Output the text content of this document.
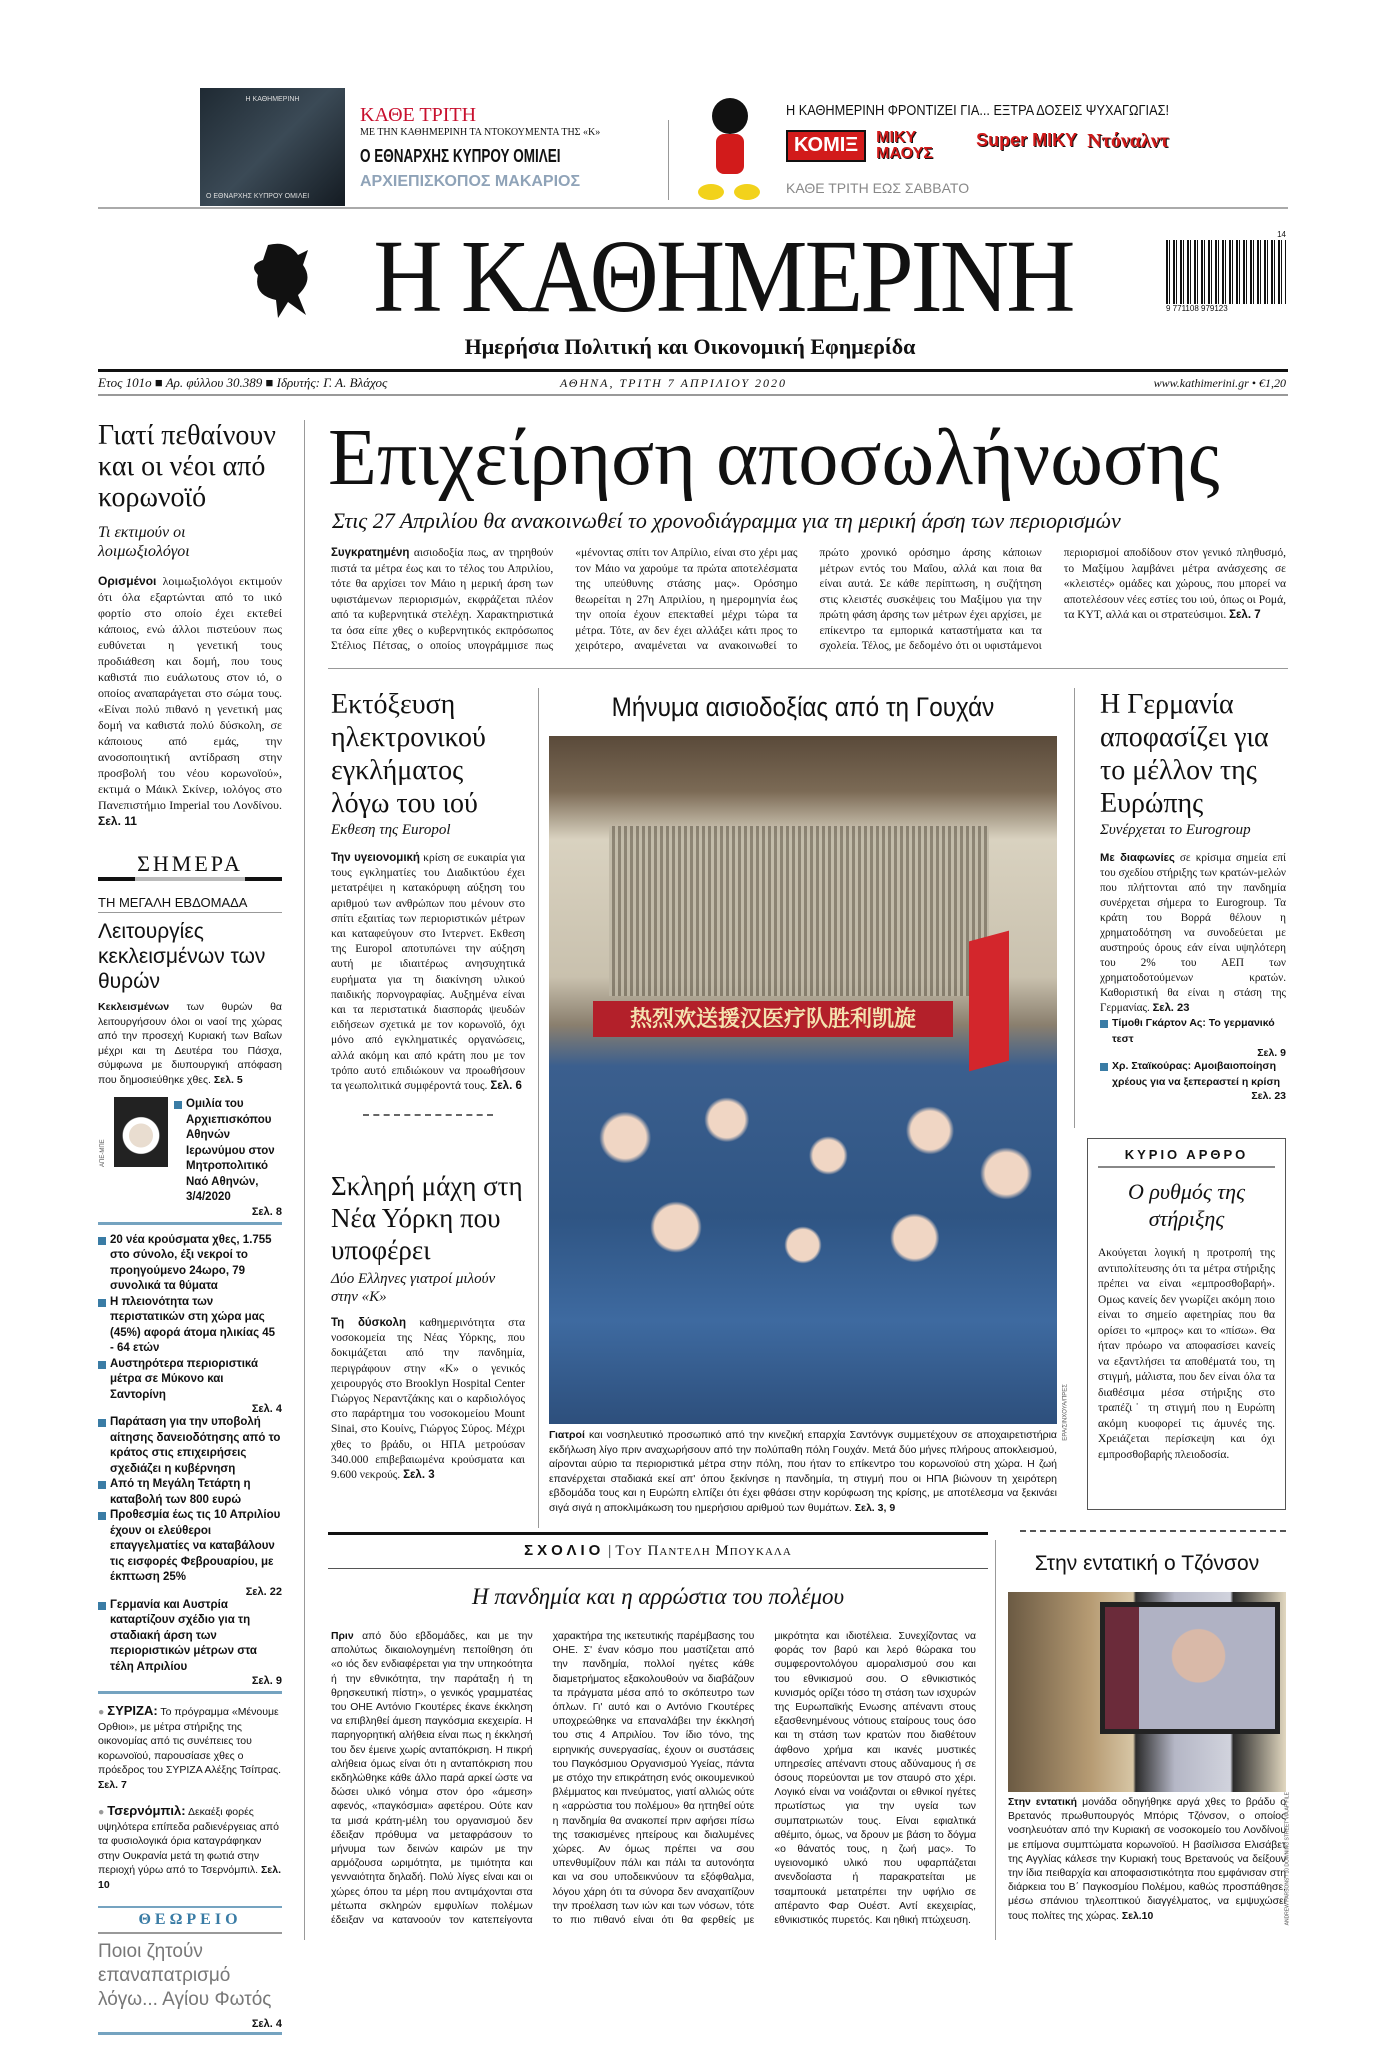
Η ΚΑΘΗΜΕΡΙΝΗ
Ο ΕΘΝΑΡΧΗΣ ΚΥΠΡΟΥ ΟΜΙΛΕΙ
ΚΑΘΕ ΤΡΙΤΗ
ΜΕ ΤΗΝ ΚΑΘΗΜΕΡΙΝΗ ΤΑ ΝΤΟΚΟΥΜΕΝΤΑ ΤΗΣ «Κ»
Ο ΕΘΝΑΡΧΗΣ ΚΥΠΡΟΥ ΟΜΙΛΕΙ
ΑΡΧΙΕΠΙΣΚΟΠΟΣ ΜΑΚΑΡΙΟΣ
Η ΚΑΘΗΜΕΡΙΝΗ ΦΡΟΝΤΙΖΕΙ ΓΙΑ... ΕΞΤΡΑ ΔΟΣΕΙΣ ΨΥΧΑΓΩΓΙΑΣ!
ΚΟΜΙΞ	ΜΙΚΥ ΜΑΟΥΣ
Super ΜΙΚΥ Ντόναλντ
ΚΑΘΕ ΤΡΙΤΗ ΕΩΣ ΣΑΒΒΑΤΟ
Η ΚΑΘΗΜΕΡΙΝΗ	9 771108 979123
14
Ημερήσια Πολιτική και Οικονομική Εφημερίδα
Ετος 101ο ■ Αρ. φύλλου 30.389 ■ Ιδρυτής: Γ. Α. Βλάχος	ΑΘΗΝΑ, ΤΡΙΤΗ 7 ΑΠΡΙΛΙΟΥ 2020	www.kathimerini.gr • €1,20
Γιατί πεθαίνουν και οι νέοι από κορωνοϊό
Τι εκτιμούν οι λοιμωξιολόγοι

Ορισμένοι λοιμωξιολόγοι εκτιμούν ότι όλα εξαρτώνται από το ιικό φορτίο στο οποίο έχει εκτεθεί κάποιος, ενώ άλλοι πιστεύουν πως ευθύνεται η γενετική τους προδιάθεση και δομή, που τους καθιστά πιο ευάλωτους στον ιό, ο οποίος αναπαράγεται στο σώμα τους. «Είναι πολύ πιθανό η γενετική μας δομή να καθιστά πολύ δύσκολη, σε κάποιους από εμάς, την ανοσοποιητική αντίδραση στην προσβολή του νέου κορωνοϊού», εκτιμά ο Μάικλ Σκίνερ, ιολόγος στο Πανεπιστήμιο Imperial του Λονδίνου. Σελ. 11

ΣΗΜΕΡΑ
ΤΗ ΜΕΓΑΛΗ ΕΒΔΟΜΑΔΑ
Λειτουργίες κεκλεισμένων των θυρών

Κεκλεισμένων των θυρών θα λειτουργήσουν όλοι οι ναοί της χώρας από την προσεχή Κυριακή των Βαΐων μέχρι και τη Δευτέρα του Πάσχα, σύμφωνα με διυπουργική απόφαση που δημοσιεύθηκε χθες. Σελ. 5

ΑΠΕ-ΜΠΕ
Ομιλία του Αρχιεπισκόπου Αθηνών Ιερωνύμου στον Μητροπολιτικό Ναό Αθηνών, 3/4/2020
Σελ. 8
20 νέα κρούσματα χθες, 1.755 στο σύνολο, έξι νεκροί το προηγούμενο 24ωρο, 79 συνολικά τα θύματα
Η πλειονότητα των περιστατικών στη χώρα μας (45%) αφορά άτομα ηλικίας 45 - 64 ετών
Αυστηρότερα περιοριστικά μέτρα σε Μύκονο και Σαντορίνη
Σελ. 4
Παράταση για την υποβολή αίτησης δανειοδότησης από το κράτος στις επιχειρήσεις σχεδιάζει η κυβέρνηση
Από τη Μεγάλη Τετάρτη η καταβολή των 800 ευρώ
Προθεσμία έως τις 10 Απριλίου έχουν οι ελεύθεροι επαγγελματίες να καταβάλουν τις εισφορές Φεβρουαρίου, με έκπτωση 25%
Σελ. 22
Γερμανία και Αυστρία καταρτίζουν σχέδιο για τη σταδιακή άρση των περιοριστικών μέτρων στα τέλη Απριλίου
Σελ. 9

● ΣΥΡΙΖΑ: Το πρόγραμμα «Μένουμε Ορθιοι», με μέτρα στήριξης της οικονομίας από τις συνέπειες του κορωνοϊού, παρουσίασε χθες ο πρόεδρος του ΣΥΡΙΖΑ Αλέξης Τσίπρας. Σελ. 7

● Τσερνόμπιλ: Δεκαέξι φορές υψηλότερα επίπεδα ραδιενέργειας από τα φυσιολογικά όρια καταγράφηκαν στην Ουκρανία μετά τη φωτιά στην περιοχή γύρω από το Τσερνόμπιλ. Σελ. 10

ΘΕΩΡΕΙΟ
Ποιοι ζητούν επαναπατρισμό λόγω... Αγίου Φωτός
Σελ. 4
Επιχείρηση αποσωλήνωσης
Στις 27 Απριλίου θα ανακοινωθεί το χρονοδιάγραμμα για τη μερική άρση των περιορισμών

Συγκρατημένη αισιοδοξία πως, αν τηρηθούν πιστά τα μέτρα έως και το τέλος του Απριλίου, τότε θα αρχίσει τον Μάιο η μερική άρση των υφιστάμενων περιορισμών, εκφράζεται πλέον από τα κυβερνητικά στελέχη. Χαρακτηριστικά τα όσα είπε χθες ο κυβερνητικός εκπρόσωπος Στέλιος Πέτσας, ο οποίος υπογράμμισε πως «μένοντας σπίτι τον Απρίλιο, είναι στο χέρι μας τον Μάιο να χαρούμε τα πρώτα αποτελέσματα της υπεύθυνης στάσης μας». Ορόσημο θεωρείται η 27η Απριλίου, η ημερομηνία έως την οποία έχουν επεκταθεί μέχρι τώρα τα μέτρα. Τότε, αν δεν έχει αλλάξει κάτι προς το χειρότερο, αναμένεται να ανακοινωθεί το πρώτο χρονικό ορόσημο άρσης κάποιων μέτρων εντός του Μαΐου, αλλά και ποια θα είναι αυτά. Σε κάθε περίπτωση, η συζήτηση στις κλειστές συσκέψεις του Μαξίμου για την πρώτη φάση άρσης των μέτρων έχει αρχίσει, με επίκεντρο τα εμπορικά καταστήματα και τα σχολεία. Τέλος, με δεδομένο ότι οι υφιστάμενοι περιορισμοί αποδίδουν στον γενικό πληθυσμό, το Μαξίμου λαμβάνει μέτρα ανάσχεσης σε «κλειστές» ομάδες και χώρους, που μπορεί να αποτελέσουν νέες εστίες του ιού, όπως οι Ρομά, τα ΚΥΤ, αλλά και οι στρατεύσιμοι. Σελ. 7

Εκτόξευση ηλεκτρονικού εγκλήματος λόγω του ιού
Εκθεση της Europol

Την υγειονομική κρίση σε ευκαιρία για τους εγκληματίες του Διαδικτύου έχει μετατρέψει η κατακόρυφη αύξηση του αριθμού των ανθρώπων που μένουν στο σπίτι εξαιτίας των περιοριστικών μέτρων και καταφεύγουν στο Ιντερνετ. Εκθεση της Europol αποτυπώνει την αύξηση αυτή με ιδιαιτέρως ανησυχητικά ευρήματα για τη διακίνηση υλικού παιδικής πορνογραφίας. Αυξημένα είναι και τα περιστατικά διασποράς ψευδών ειδήσεων σχετικά με τον κορωνοϊό, όχι μόνο από εγκληματικές οργανώσεις, αλλά ακόμη και από κράτη που με τον τρόπο αυτό επιδιώκουν να προωθήσουν τα γεωπολιτικά συμφέροντά τους. Σελ. 6

Σκληρή μάχη στη Νέα Υόρκη που υποφέρει
Δύο Ελληνες γιατροί μιλούν στην «Κ»

Τη δύσκολη καθημερινότητα στα νοσοκομεία της Νέας Υόρκης, που δοκιμάζεται από την πανδημία, περιγράφουν στην «Κ» ο γενικός χειρουργός στο Brooklyn Hospital Center Γιώργος Νεραντζάκης και ο καρδιολόγος στο παράρτημα του νοσοκομείου Mount Sinai, στο Κουίνς, Γιώργος Σύρος. Μέχρι χθες το βράδυ, οι ΗΠΑ μετρούσαν 340.000 επιβεβαιωμένα κρούσματα και 9.600 νεκρούς. Σελ. 3

Μήνυμα αισιοδοξίας από τη Γουχάν
热烈欢送援汉医疗队胜利凯旋
EPA/ΣΙΝΧΟΥΑ/ΠΡΕΣ

Γιατροί και νοσηλευτικό προσωπικό από την κινεζική επαρχία Σαντόνγκ συμμετέχουν σε αποχαιρετιστήρια εκδήλωση λίγο πριν αναχωρήσουν από την πολύπαθη πόλη Γουχάν. Μετά δύο μήνες πλήρους αποκλεισμού, αίρονται αύριο τα περιοριστικά μέτρα στην πόλη, που ήταν το επίκεντρο του κορωνοϊού στη χώρα. Η ζωή επανέρχεται σταδιακά εκεί απ' όπου ξεκίνησε η πανδημία, τη στιγμή που οι ΗΠΑ βιώνουν τη χειρότερη εβδομάδα τους και η Ευρώπη ελπίζει ότι έχει φθάσει στην κορύφωση της κρίσης, με αποτέλεσμα να ξεκινάει σιγά σιγά η αποκλιμάκωση του ημερήσιου αριθμού των θυμάτων. Σελ. 3, 9

Η Γερμανία αποφασίζει για το μέλλον της Ευρώπης
Συνέρχεται το Eurogroup

Με διαφωνίες σε κρίσιμα σημεία επί του σχεδίου στήριξης των κρατών-μελών που πλήττονται από την πανδημία συνέρχεται σήμερα το Eurogroup. Τα κράτη του Βορρά θέλουν η χρηματοδότηση να συνοδεύεται με αυστηρούς όρους εάν είναι υψηλότερη του 2% του ΑΕΠ των χρηματοδοτούμενων κρατών. Καθοριστική θα είναι η στάση της Γερμανίας. Σελ. 23

Τίμοθι Γκάρτον Ας: Το γερμανικό τεστ
Σελ. 9
Χρ. Σταϊκούρας: Αμοιβαιοποίηση χρέους για να ξεπεραστεί η κρίση
Σελ. 23
ΚΥΡΙΟ ΑΡΘΡΟ
Ο ρυθμός της στήριξης

Ακούγεται λογική η προτροπή της αντιπολίτευσης ότι τα μέτρα στήριξης πρέπει να είναι «εμπροσθοβαρή». Ομως κανείς δεν γνωρίζει ακόμη ποιο είναι το σημείο αφετηρίας που θα ορίσει το «μπρος» και το «πίσω». Θα ήταν πρόωρο να αποφασίσει κανείς να εξαντλήσει τα αποθέματά του, τη στιγμή, μάλιστα, που δεν είναι όλα τα διαθέσιμα μέσα στήριξης στο τραπέζι˙ τη στιγμή που η Ευρώπη ακόμη κυοφορεί τις άμυνές της. Χρειάζεται περίσκεψη και όχι εμπροσθοβαρής πλειοδοσία.

ΣΧΟΛΙΟ | Του Παντελη Μπουκαλα
Η πανδημία και η αρρώστια του πολέμου

Πριν από δύο εβδομάδες, και με την απολύτως δικαιολογημένη πεποίθηση ότι «ο ιός δεν ενδιαφέρεται για την υπηκοότητα ή την εθνικότητα, την παράταξη ή τη θρησκευτική πίστη», ο γενικός γραμματέας του ΟΗΕ Αντόνιο Γκουτέρες έκανε έκκληση να επιβληθεί άμεση παγκόσμια εκεχειρία. Η παρηγορητική αλήθεια είναι πως η έκκλησή του δεν έμεινε χωρίς ανταπόκριση. Η πικρή αλήθεια όμως είναι ότι η ανταπόκριση που εκδηλώθηκε κάθε άλλο παρά αρκεί ώστε να δώσει υλικό νόημα στον όρο «άμεση» αφενός, «παγκόσμια» αφετέρου. Ούτε καν τα μισά κράτη-μέλη του οργανισμού δεν έδειξαν πρόθυμα να μεταφράσουν το μήνυμα των δεινών καιρών με την αρμόζουσα ωριμότητα, με τιμιότητα και γενναιότητα δηλαδή. Πολύ λίγες είναι και οι χώρες όπου τα μέρη που αντιμάχονται στα μέτωπα σκληρών εμφυλίων πολέμων έδειξαν να κατανοούν τον κατεπείγοντα χαρακτήρα της ικετευτικής παρέμβασης του ΟΗΕ. Σ' έναν κόσμο που μαστίζεται από την πανδημία, πολλοί ηγέτες κάθε διαμετρήματος εξακολουθούν να διαβάζουν τα πράγματα μέσα από το σκόπευτρο των όπλων. Γι' αυτό και ο Αντόνιο Γκουτέρες υποχρεώθηκε να επαναλάβει την έκκλησή του στις 4 Απριλίου. Τον ίδιο τόνο, της ειρηνικής συνεργασίας, έχουν οι συστάσεις του Παγκόσμιου Οργανισμού Υγείας, πάντα με στόχο την επικράτηση ενός οικουμενικού βλέμματος και πνεύματος, γιατί αλλιώς ούτε η «αρρώστια του πολέμου» θα ηττηθεί ούτε η πανδημία θα ανακοπεί πριν αφήσει πίσω της τσακισμένες ηπείρους και διαλυμένες χώρες. Αν όμως πρέπει να σου υπενθυμίζουν πάλι και πάλι τα αυτονόητα και να σου υποδεικνύουν τα εξόφθαλμα, λόγου χάρη ότι τα σύνορα δεν αναχαιτίζουν την προέλαση των ιών και των νόσων, τότε το πιο πιθανό είναι ότι θα φερθείς με μικρότητα και ιδιοτέλεια. Συνεχίζοντας να φοράς τον βαρύ και λερό θώρακα του συμφεροντολόγου αμοραλισμού σου και του εθνικισμού σου. Ο εθνικιστικός κυνισμός ορίζει τόσο τη στάση των ισχυρών της Ευρωπαϊκής Ενωσης απέναντι στους εξασθενημένους νότιους εταίρους τους όσο και τη στάση των κρατών που διαθέτουν άφθονο χρήμα και ικανές μυστικές υπηρεσίες απέναντι στους αδύναμους ή σε όσους πορεύονται με τον σταυρό στο χέρι. Λογικό είναι να νοιάζονται οι εθνικοί ηγέτες πρωτίστως για την υγεία των συμπατριωτών τους. Είναι εφιαλτικά αθέμιτο, όμως, να δρουν με βάση το δόγμα «ο θάνατός τους, η ζωή μας». Το υγειονομικό υλικό που υφαρπάζεται ανενδοίαστα ή παρακρατείται με τσαμπουκά μετατρέπει την υφήλιο σε απέραντο Φαρ Ουέστ. Αντί εκεχειρίας, εθνικιστικός πυρετός. Και ηθική πτώχευση.

Στην εντατική ο Τζόνσον
ANDREW PARSONS / 10 DOWNING STREET VIA AP FILE

Στην εντατική μονάδα οδηγήθηκε αργά χθες το βράδυ ο Βρετανός πρωθυπουργός Μπόρις Τζόνσον, ο οποίος νοσηλευόταν από την Κυριακή σε νοσοκομείο του Λονδίνου με επίμονα συμπτώματα κορωνοϊού. Η βασίλισσα Ελισάβετ της Αγγλίας κάλεσε την Κυριακή τους Βρετανούς να δείξουν την ίδια πειθαρχία και αποφασιστικότητα που εμφάνισαν στη διάρκεια του Β΄ Παγκοσμίου Πολέμου, καθώς προσπάθησε, μέσω σπάνιου τηλεοπτικού διαγγέλματος, να εμψυχώσει τους πολίτες της χώρας. Σελ.10
